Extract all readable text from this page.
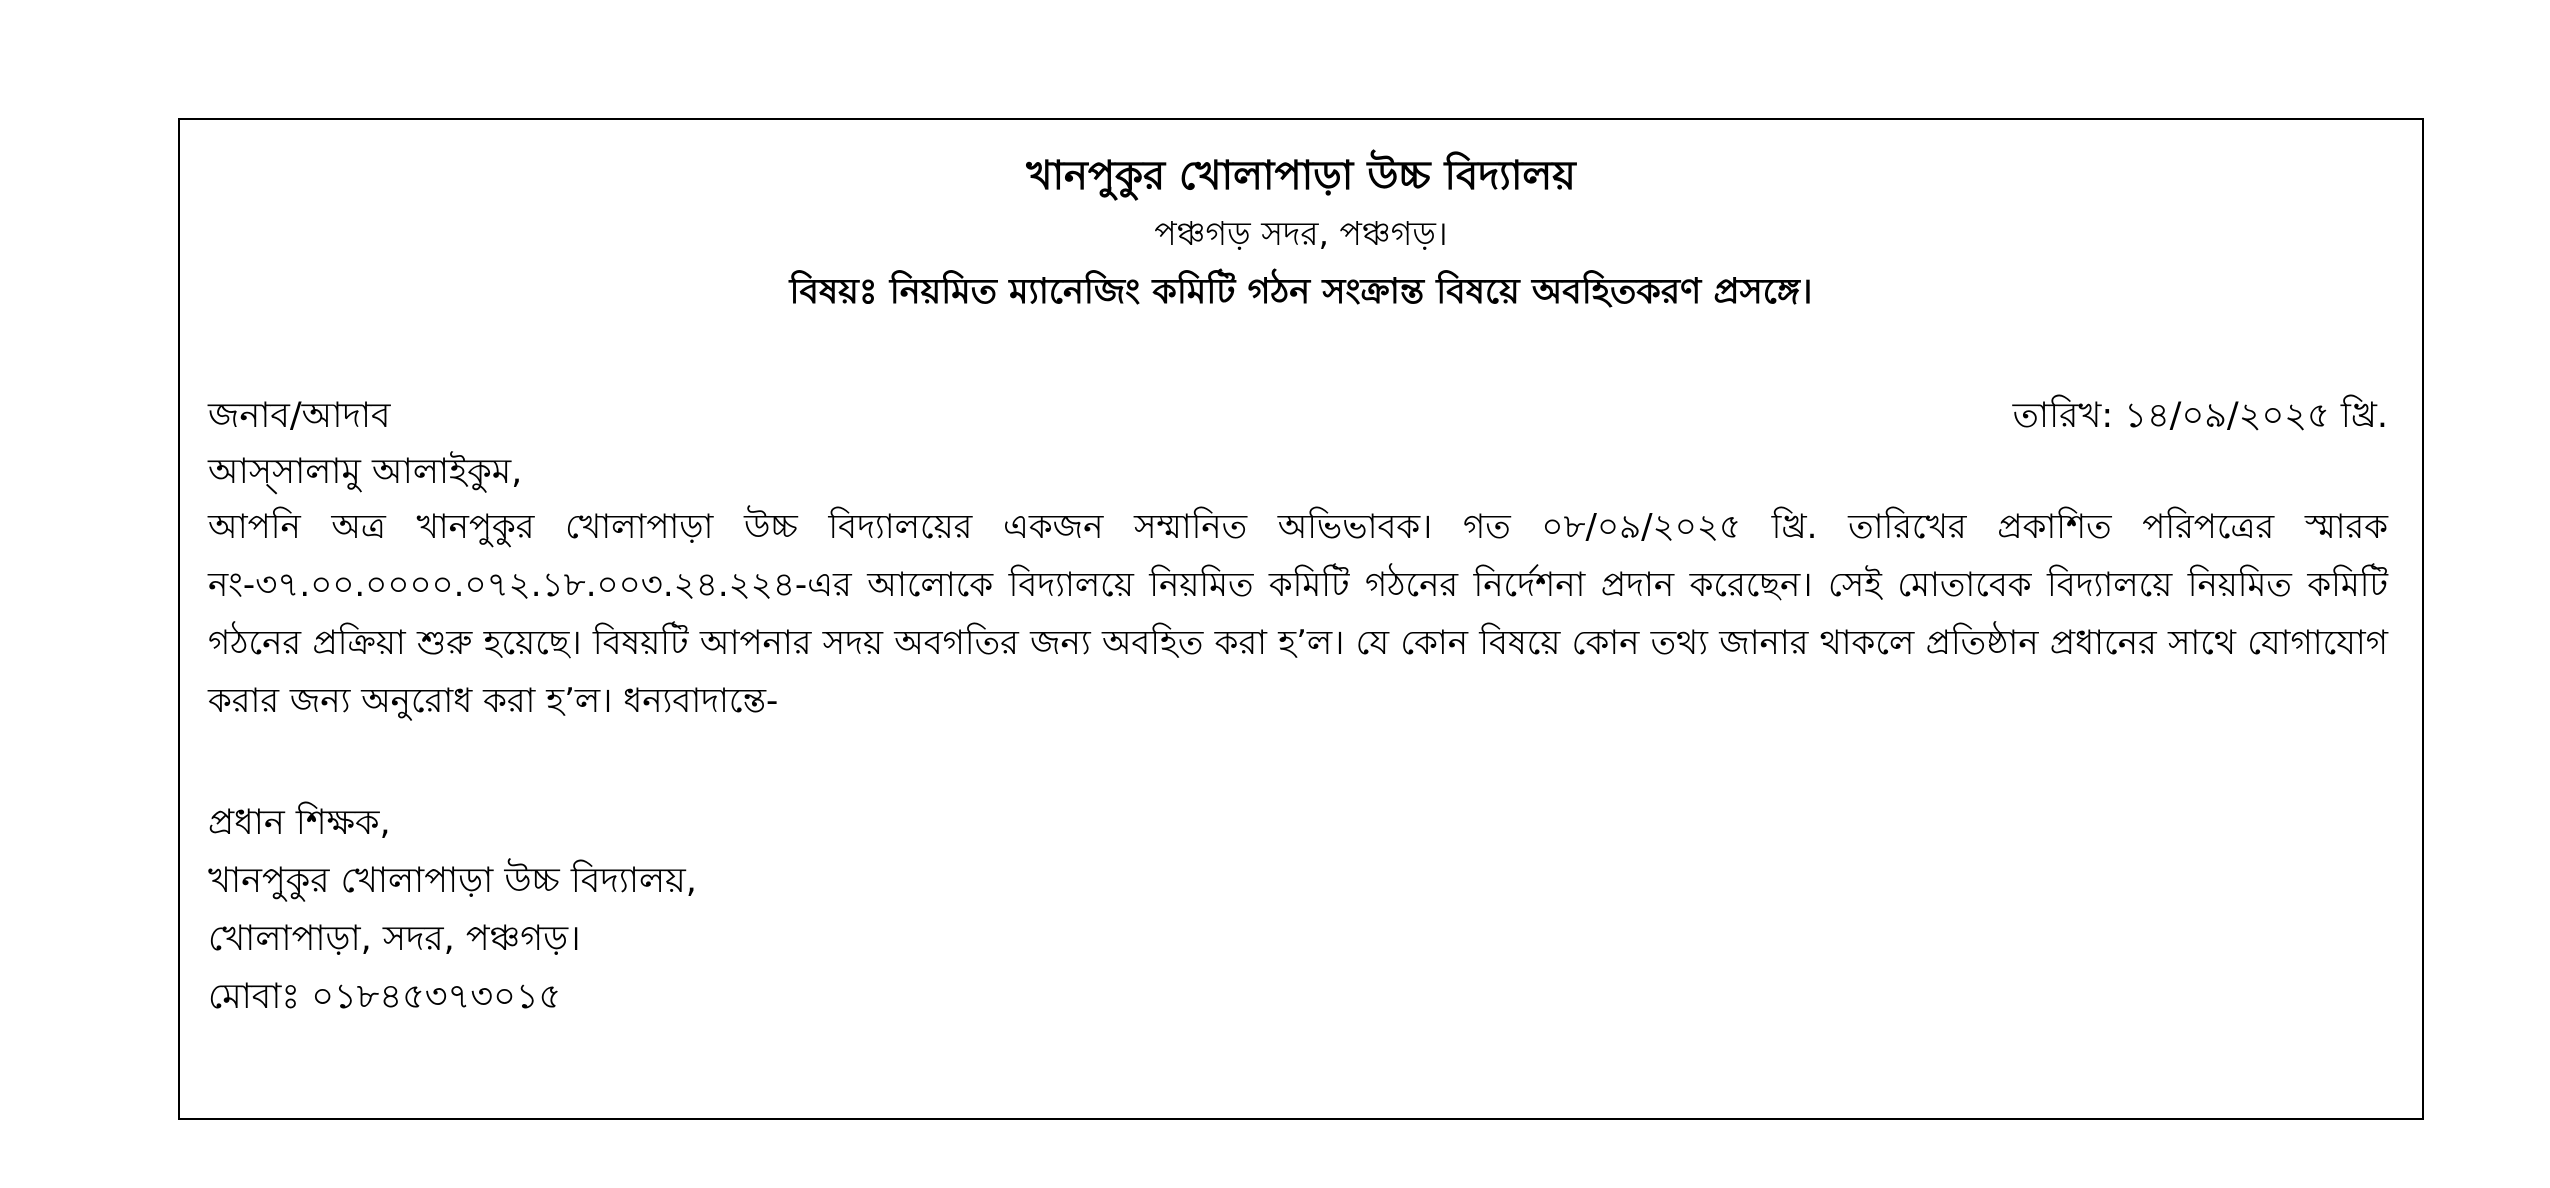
খানপুকুর খোলাপাড়া উচ্চ বিদ্যালয়
পঞ্চগড় সদর, পঞ্চগড়।
বিষয়ঃ নিয়মিত ম্যানেজিং কমিটি গঠন সংক্রান্ত বিষয়ে অবহিতকরণ প্রসঙ্গে।
জনাব/আদাব	তারিখ: ১৪/০৯/২০২৫ খ্রি.
আস্‌সালামু আলাইকুম,

আপনি অত্র খানপুকুর খোলাপাড়া উচ্চ বিদ্যালয়ের একজন সম্মানিত অভিভাবক। গত ০৮/০৯/২০২৫ খ্রি. তারিখের প্রকাশিত পরিপত্রের স্মারক নং-৩৭.০০.০০০০.০৭২.১৮.০০৩.২৪.২২৪-এর আলোকে বিদ্যালয়ে নিয়মিত কমিটি গঠনের নির্দেশনা প্রদান করেছেন। সেই মোতাবেক বিদ্যালয়ে নিয়মিত কমিটি গঠনের প্রক্রিয়া শুরু হয়েছে। বিষয়টি আপনার সদয় অবগতির জন্য অবহিত করা হ’ল। যে কোন বিষয়ে কোন তথ্য জানার থাকলে প্রতিষ্ঠান প্রধানের সাথে যোগাযোগ করার জন্য অনুরোধ করা হ’ল। ধন্যবাদান্তে-

প্রধান শিক্ষক,
খানপুকুর খোলাপাড়া উচ্চ বিদ্যালয়,
খোলাপাড়া, সদর, পঞ্চগড়।
মোবাঃ ০১৮৪৫৩৭৩০১৫
